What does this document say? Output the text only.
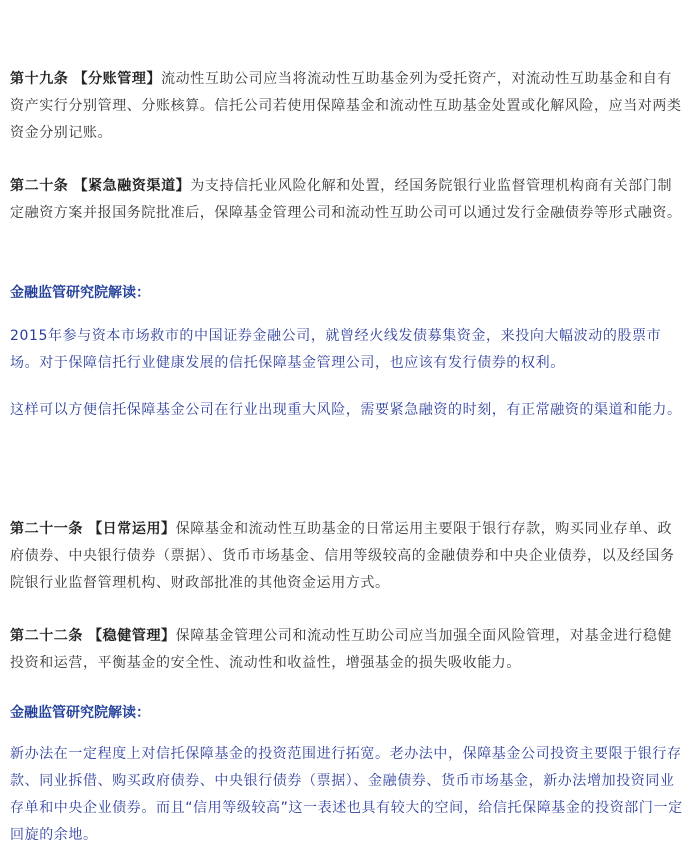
第十九条 【分账管理】流动性互助公司应当将流动性互助基金列为受托资产，对流动性互助基金和自有资产实行分别管理、分账核算。信托公司若使用保障基金和流动性互助基金处置或化解风险，应当对两类资金分别记账。

第二十条 【紧急融资渠道】为支持信托业风险化解和处置，经国务院银行业监督管理机构商有关部门制定融资方案并报国务院批准后，保障基金管理公司和流动性互助公司可以通过发行金融债券等形式融资。

金融监管研究院解读：

2015年参与资本市场救市的中国证券金融公司，就曾经火线发债募集资金，来投向大幅波动的股票市场。对于保障信托行业健康发展的信托保障基金管理公司，也应该有发行债券的权利。

这样可以方便信托保障基金公司在行业出现重大风险，需要紧急融资的时刻，有正常融资的渠道和能力。

第二十一条 【日常运用】保障基金和流动性互助基金的日常运用主要限于银行存款，购买同业存单、政府债券、中央银行债券（票据）、货币市场基金、信用等级较高的金融债券和中央企业债券，以及经国务院银行业监督管理机构、财政部批准的其他资金运用方式。

第二十二条 【稳健管理】保障基金管理公司和流动性互助公司应当加强全面风险管理，对基金进行稳健投资和运营，平衡基金的安全性、流动性和收益性，增强基金的损失吸收能力。

金融监管研究院解读：

新办法在一定程度上对信托保障基金的投资范围进行拓宽。老办法中，保障基金公司投资主要限于银行存款、同业拆借、购买政府债券、中央银行债券（票据）、金融债券、货币市场基金，新办法增加投资同业存单和中央企业债券。而且“信用等级较高”这一表述也具有较大的空间，给信托保障基金的投资部门一定回旋的余地。
